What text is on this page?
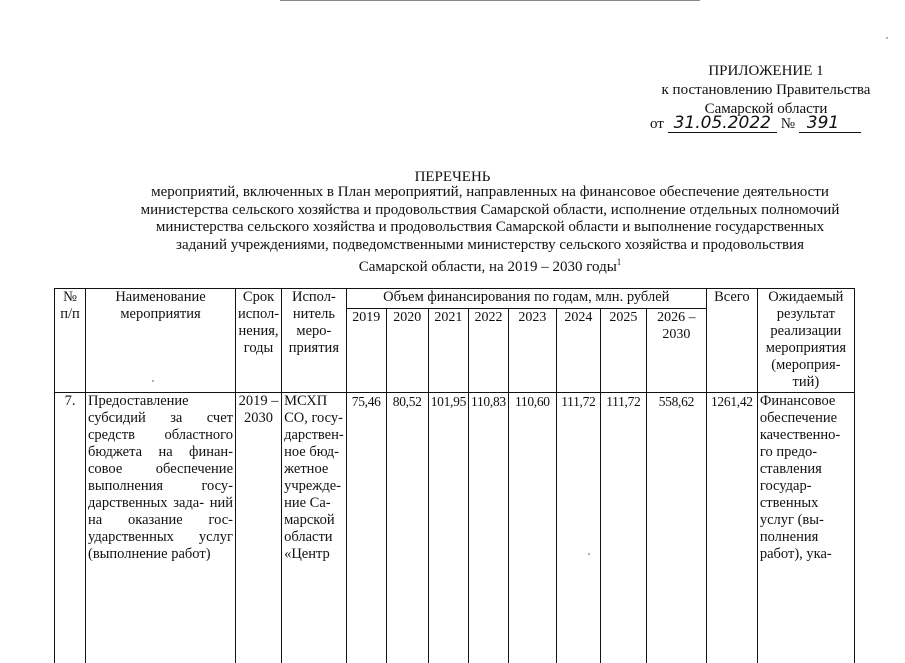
ПРИЛОЖЕНИЕ 1
к постановлению Правительства
Самарской области
от 31.05.2022 № 391
ПЕРЕЧЕНЬ
мероприятий, включенных в План мероприятий, направленных на финансовое обеспечение деятельности
министерства сельского хозяйства и продовольствия Самарской области, исполнение отдельных полномочий
министерства сельского хозяйства и продовольствия Самарской области и выполнение государственных
заданий учреждениями, подведомственными министерству сельского хозяйства и продовольствия
Самарской области, на 2019 – 2030 годы$^1$
№ п/п	Наименование мероприятия	Срок испол- нения, годы	Испол- нитель меро- приятия	Объем финансирования по годам, млн. рублей								Всего	Ожидаемый результат реализации мероприятия (мероприя- тий)
				2019	2020	2021	2022	2023	2024	2025	2026 – 2030		
7.	Предоставление субсидий за счет средств областного бюджета на финан- совое обеспечение выполнения госу- дарственных зада- ний на оказание гос- ударственных услуг (выполнение работ)	2019 – 2030	МСХП СО, госу- дарствен- ное бюд- жетное учрежде- ние Са- марской области «Центр	75,46	80,52	101,95	110,83	110,60	111,72	111,72	558,62	1261,42	Финансовое обеспечение качественно- го предо- ставления государ- ственных услуг (вы- полнения работ), ука-
